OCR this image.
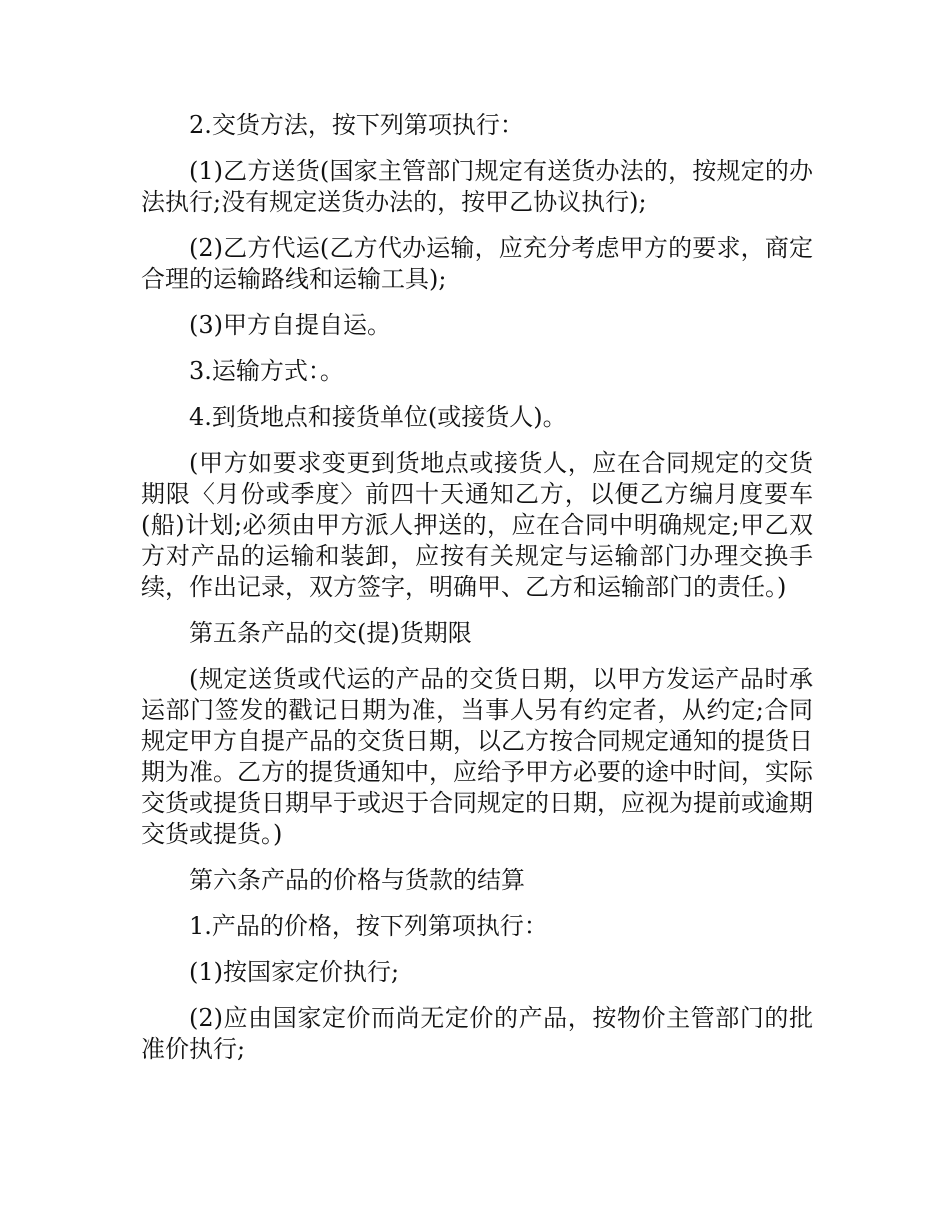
2.交货方法，按下列第项执行：

(1)乙方送货(国家主管部门规定有送货办法的，按规定的办法执行;没有规定送货办法的，按甲乙协议执行);

(2)乙方代运(乙方代办运输，应充分考虑甲方的要求，商定合理的运输路线和运输工具);

(3)甲方自提自运。

3.运输方式：。

4.到货地点和接货单位(或接货人)。

(甲方如要求变更到货地点或接货人，应在合同规定的交货期限〈月份或季度〉前四十天通知乙方，以便乙方编月度要车(船)计划;必须由甲方派人押送的，应在合同中明确规定;甲乙双方对产品的运输和装卸，应按有关规定与运输部门办理交换手续，作出记录，双方签字，明确甲、乙方和运输部门的责任。)

第五条产品的交(提)货期限

(规定送货或代运的产品的交货日期，以甲方发运产品时承运部门签发的戳记日期为准，当事人另有约定者，从约定;合同规定甲方自提产品的交货日期，以乙方按合同规定通知的提货日期为准。乙方的提货通知中，应给予甲方必要的途中时间，实际交货或提货日期早于或迟于合同规定的日期，应视为提前或逾期交货或提货。)

第六条产品的价格与货款的结算

1.产品的价格，按下列第项执行：

(1)按国家定价执行;

(2)应由国家定价而尚无定价的产品，按物价主管部门的批准价执行;
